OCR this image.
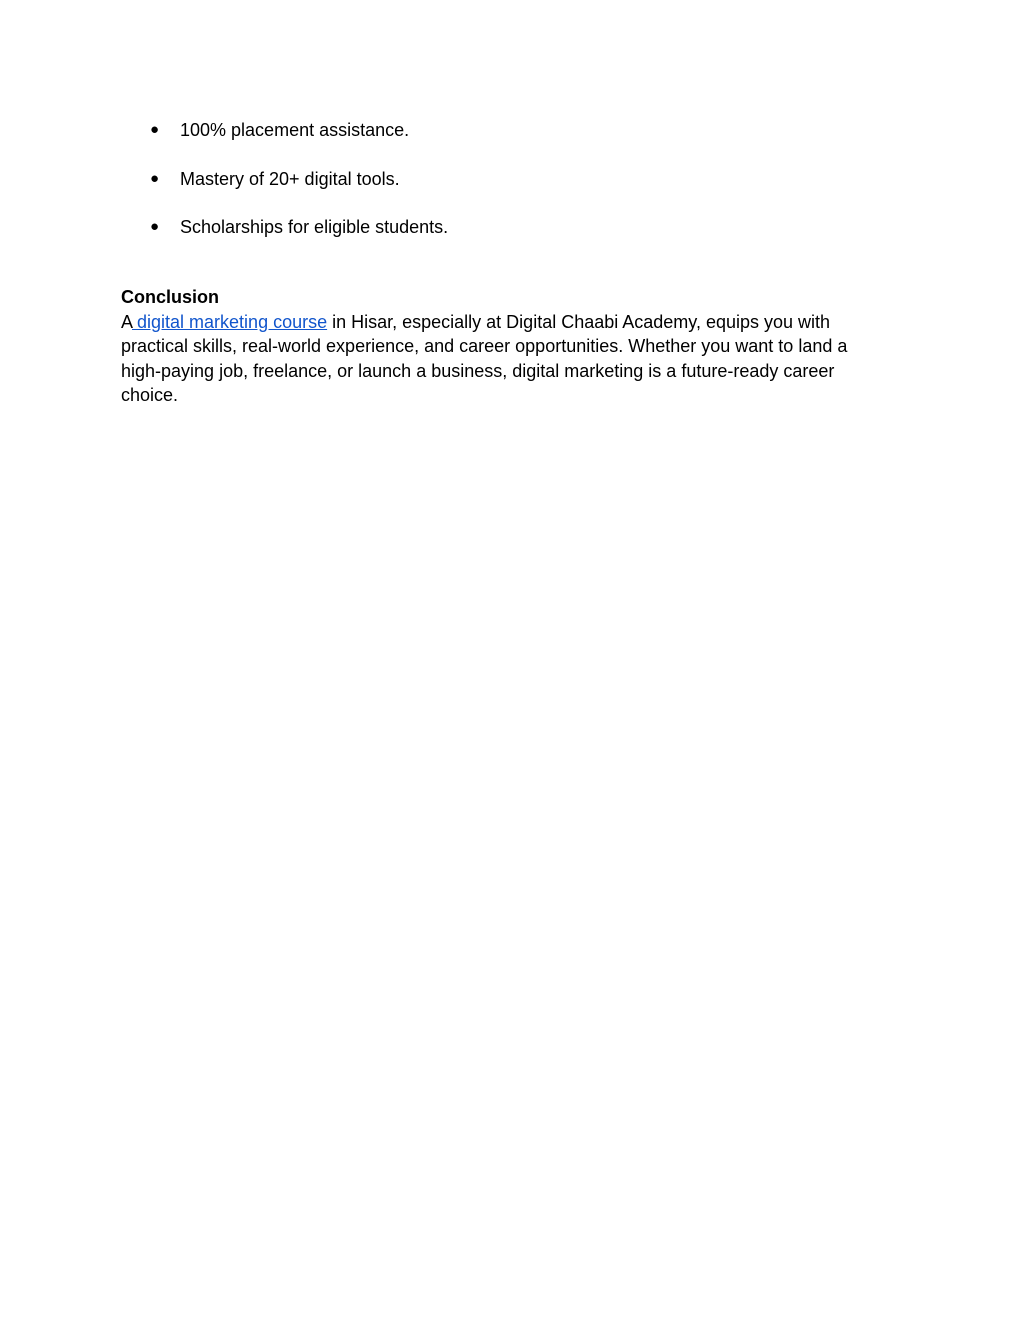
● 100% placement assistance.
● Mastery of 20+ digital tools.
● Scholarships for eligible students.
Conclusion

A digital marketing course in Hisar, especially at Digital Chaabi Academy, equips you with practical skills, real-world experience, and career opportunities. Whether you want to land a high-paying job, freelance, or launch a business, digital marketing is a future-ready career choice.
